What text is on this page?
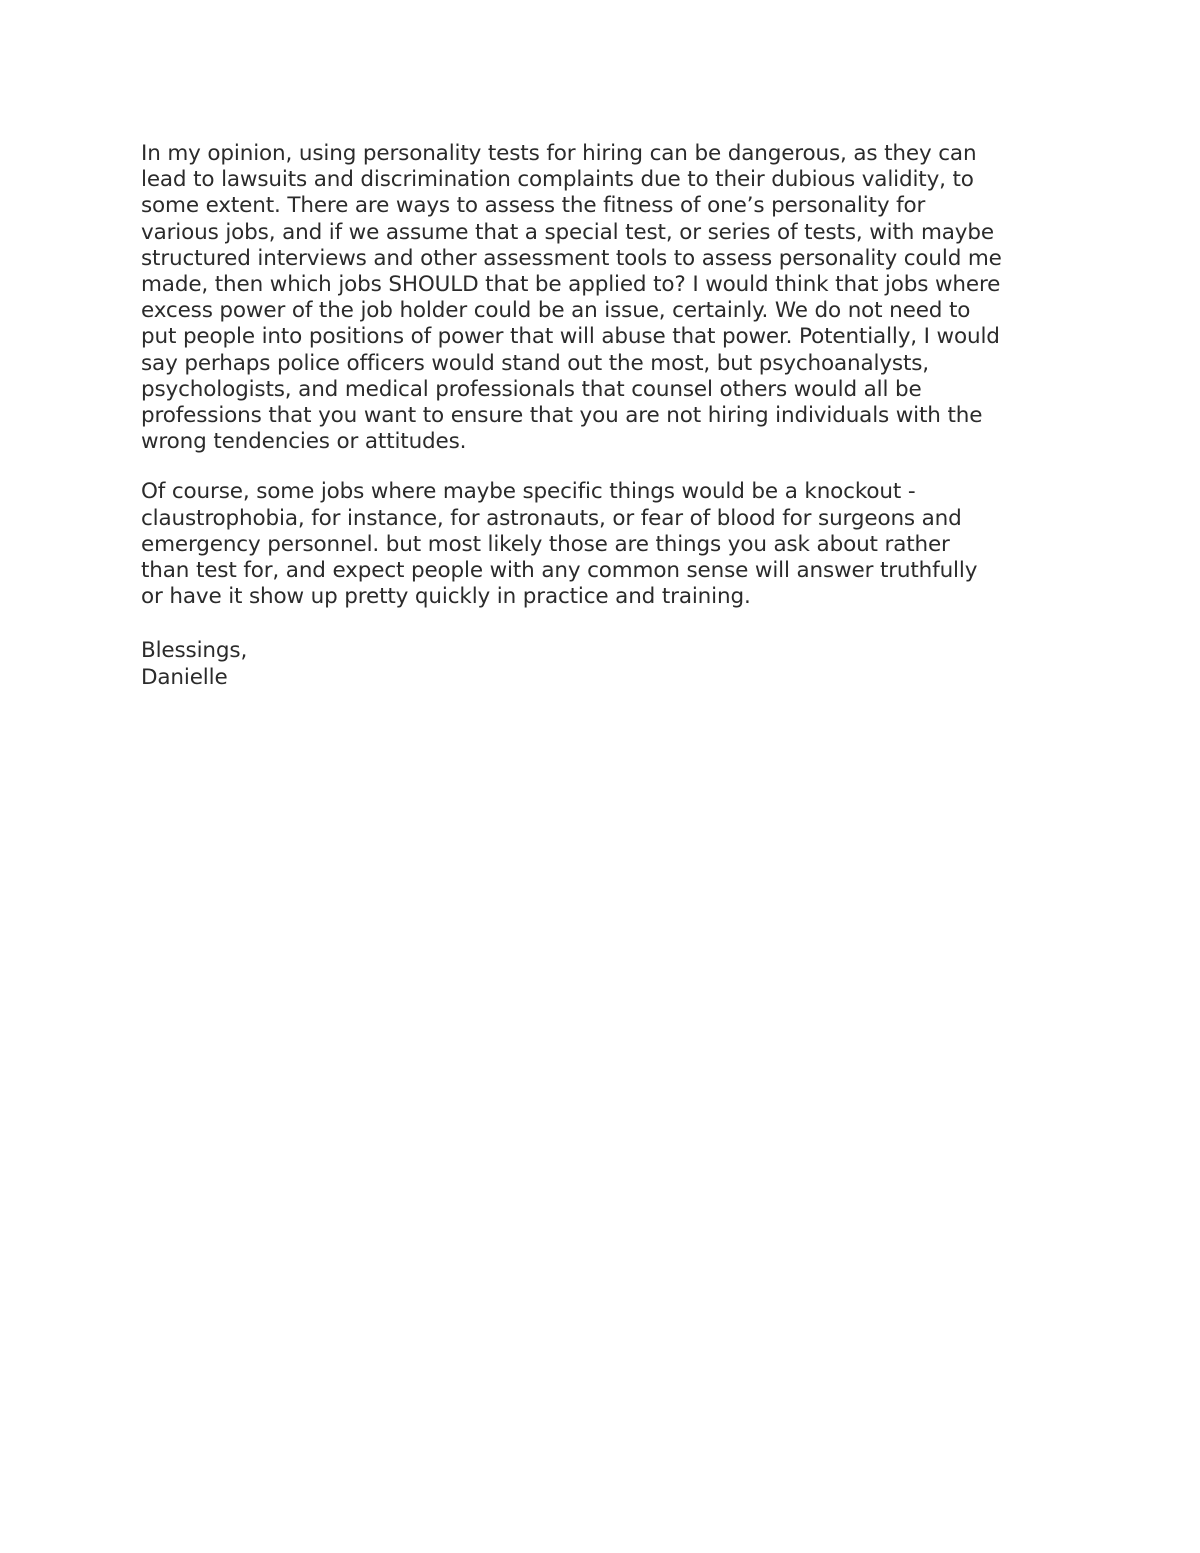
In my opinion, using personality tests for hiring can be dangerous, as they can
lead to lawsuits and discrimination complaints due to their dubious validity, to
some extent. There are ways to assess the fitness of one’s personality for
various jobs, and if we assume that a special test, or series of tests, with maybe
structured interviews and other assessment tools to assess personality could me
made, then which jobs SHOULD that be applied to? I would think that jobs where
excess power of the job holder could be an issue, certainly. We do not need to
put people into positions of power that will abuse that power. Potentially, I would
say perhaps police officers would stand out the most, but psychoanalysts,
psychologists, and medical professionals that counsel others would all be
professions that you want to ensure that you are not hiring individuals with the
wrong tendencies or attitudes.

Of course, some jobs where maybe specific things would be a knockout -
claustrophobia, for instance, for astronauts, or fear of blood for surgeons and
emergency personnel. but most likely those are things you ask about rather
than test for, and expect people with any common sense will answer truthfully
or have it show up pretty quickly in practice and training.

Blessings,
Danielle
